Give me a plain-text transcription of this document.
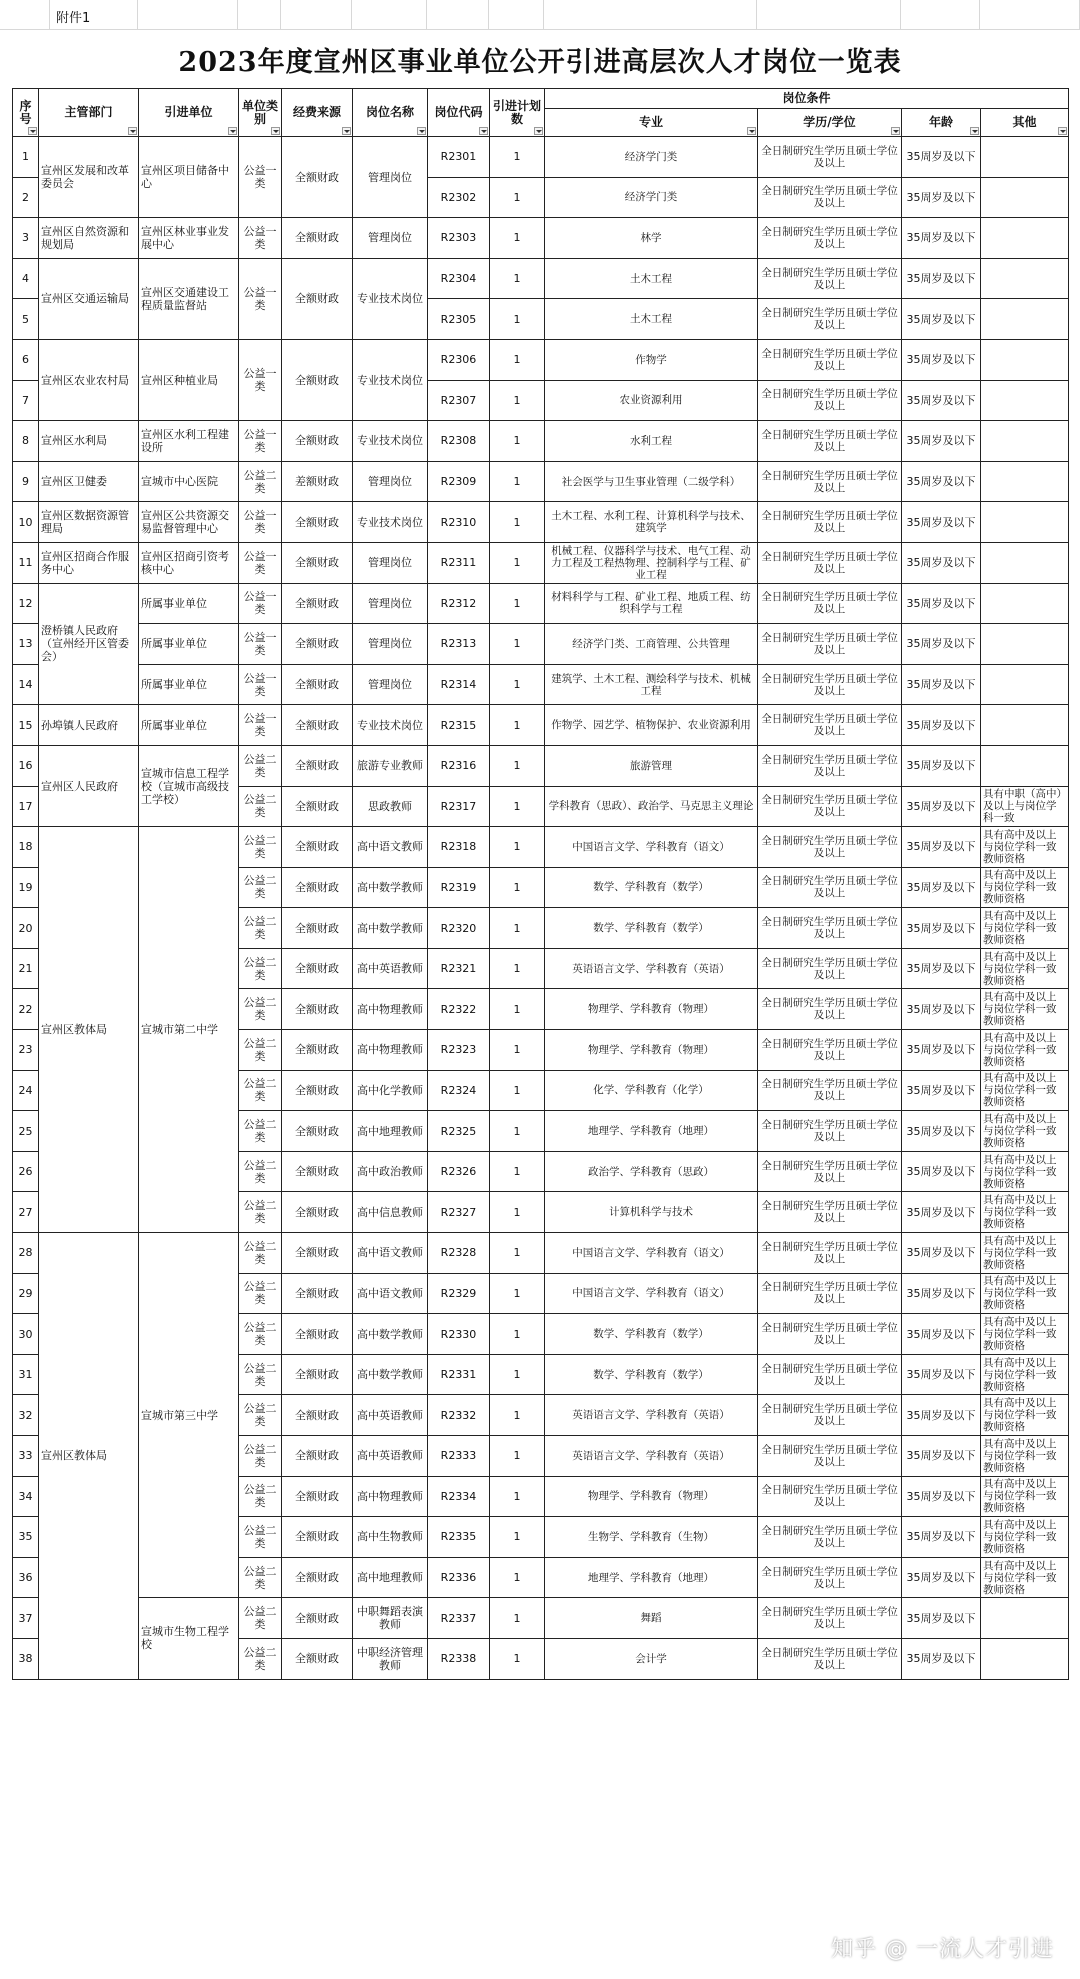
附件1
2023年度宣州区事业单位公开引进高层次人才岗位一览表
序号	主管部门	引进单位	单位类别	经费来源	岗位名称	岗位代码	引进计划数	岗位条件			
								专业	学历/学位	年龄	其他

1	宣州区发展和改革委员会	宣州区项目储备中心	公益一类	全额财政	管理岗位	R2301	1	经济学门类	全日制研究生学历且硕士学位及以上	35周岁及以下	
2						R2302	1	经济学门类	全日制研究生学历且硕士学位及以上	35周岁及以下	
3	宣州区自然资源和规划局	宣州区林业事业发展中心	公益一类	全额财政	管理岗位	R2303	1	林学	全日制研究生学历且硕士学位及以上	35周岁及以下	
4	宣州区交通运输局	宣州区交通建设工程质量监督站	公益一类	全额财政	专业技术岗位	R2304	1	土木工程	全日制研究生学历且硕士学位及以上	35周岁及以下	
5						R2305	1	土木工程	全日制研究生学历且硕士学位及以上	35周岁及以下	
6	宣州区农业农村局	宣州区种植业局	公益一类	全额财政	专业技术岗位	R2306	1	作物学	全日制研究生学历且硕士学位及以上	35周岁及以下	
7						R2307	1	农业资源利用	全日制研究生学历且硕士学位及以上	35周岁及以下	
8	宣州区水利局	宣州区水利工程建设所	公益一类	全额财政	专业技术岗位	R2308	1	水利工程	全日制研究生学历且硕士学位及以上	35周岁及以下	
9	宣州区卫健委	宣城市中心医院	公益二类	差额财政	管理岗位	R2309	1	社会医学与卫生事业管理（二级学科）	全日制研究生学历且硕士学位及以上	35周岁及以下	
10	宣州区数据资源管理局	宣州区公共资源交易监督管理中心	公益一类	全额财政	专业技术岗位	R2310	1	土木工程、水利工程、计算机科学与技术、建筑学	全日制研究生学历且硕士学位及以上	35周岁及以下	
11	宣州区招商合作服务中心	宣州区招商引资考核中心	公益一类	全额财政	管理岗位	R2311	1	机械工程、仪器科学与技术、电气工程、动力工程及工程热物理、控制科学与工程、矿业工程	全日制研究生学历且硕士学位及以上	35周岁及以下	
12	澄桥镇人民政府（宣州经开区管委会）	所属事业单位	公益一类	全额财政	管理岗位	R2312	1	材料科学与工程、矿业工程、地质工程、纺织科学与工程	全日制研究生学历且硕士学位及以上	35周岁及以下	
13		所属事业单位	公益一类	全额财政	管理岗位	R2313	1	经济学门类、工商管理、公共管理	全日制研究生学历且硕士学位及以上	35周岁及以下	
14		所属事业单位	公益一类	全额财政	管理岗位	R2314	1	建筑学、土木工程、测绘科学与技术、机械工程	全日制研究生学历且硕士学位及以上	35周岁及以下	
15	孙埠镇人民政府	所属事业单位	公益一类	全额财政	专业技术岗位	R2315	1	作物学、园艺学、植物保护、农业资源利用	全日制研究生学历且硕士学位及以上	35周岁及以下	
16	宣州区人民政府	宣城市信息工程学校（宣城市高级技工学校）	公益二类	全额财政	旅游专业教师	R2316	1	旅游管理	全日制研究生学历且硕士学位及以上	35周岁及以下	
17			公益二类	全额财政	思政教师	R2317	1	学科教育（思政）、政治学、马克思主义理论	全日制研究生学历且硕士学位及以上	35周岁及以下	具有中职（高中）及以上与岗位学科一致
18	宣州区教体局	宣城市第二中学	公益二类	全额财政	高中语文教师	R2318	1	中国语言文学、学科教育（语文）	全日制研究生学历且硕士学位及以上	35周岁及以下	具有高中及以上与岗位学科一致教师资格
19			公益二类	全额财政	高中数学教师	R2319	1	数学、学科教育（数学）	全日制研究生学历且硕士学位及以上	35周岁及以下	具有高中及以上与岗位学科一致教师资格
20			公益二类	全额财政	高中数学教师	R2320	1	数学、学科教育（数学）	全日制研究生学历且硕士学位及以上	35周岁及以下	具有高中及以上与岗位学科一致教师资格
21			公益二类	全额财政	高中英语教师	R2321	1	英语语言文学、学科教育（英语）	全日制研究生学历且硕士学位及以上	35周岁及以下	具有高中及以上与岗位学科一致教师资格
22			公益二类	全额财政	高中物理教师	R2322	1	物理学、学科教育（物理）	全日制研究生学历且硕士学位及以上	35周岁及以下	具有高中及以上与岗位学科一致教师资格
23			公益二类	全额财政	高中物理教师	R2323	1	物理学、学科教育（物理）	全日制研究生学历且硕士学位及以上	35周岁及以下	具有高中及以上与岗位学科一致教师资格
24			公益二类	全额财政	高中化学教师	R2324	1	化学、学科教育（化学）	全日制研究生学历且硕士学位及以上	35周岁及以下	具有高中及以上与岗位学科一致教师资格
25			公益二类	全额财政	高中地理教师	R2325	1	地理学、学科教育（地理）	全日制研究生学历且硕士学位及以上	35周岁及以下	具有高中及以上与岗位学科一致教师资格
26			公益二类	全额财政	高中政治教师	R2326	1	政治学、学科教育（思政）	全日制研究生学历且硕士学位及以上	35周岁及以下	具有高中及以上与岗位学科一致教师资格
27			公益二类	全额财政	高中信息教师	R2327	1	计算机科学与技术	全日制研究生学历且硕士学位及以上	35周岁及以下	具有高中及以上与岗位学科一致教师资格
28	宣州区教体局	宣城市第三中学	公益二类	全额财政	高中语文教师	R2328	1	中国语言文学、学科教育（语文）	全日制研究生学历且硕士学位及以上	35周岁及以下	具有高中及以上与岗位学科一致教师资格
29			公益二类	全额财政	高中语文教师	R2329	1	中国语言文学、学科教育（语文）	全日制研究生学历且硕士学位及以上	35周岁及以下	具有高中及以上与岗位学科一致教师资格
30			公益二类	全额财政	高中数学教师	R2330	1	数学、学科教育（数学）	全日制研究生学历且硕士学位及以上	35周岁及以下	具有高中及以上与岗位学科一致教师资格
31			公益二类	全额财政	高中数学教师	R2331	1	数学、学科教育（数学）	全日制研究生学历且硕士学位及以上	35周岁及以下	具有高中及以上与岗位学科一致教师资格
32			公益二类	全额财政	高中英语教师	R2332	1	英语语言文学、学科教育（英语）	全日制研究生学历且硕士学位及以上	35周岁及以下	具有高中及以上与岗位学科一致教师资格
33			公益二类	全额财政	高中英语教师	R2333	1	英语语言文学、学科教育（英语）	全日制研究生学历且硕士学位及以上	35周岁及以下	具有高中及以上与岗位学科一致教师资格
34			公益二类	全额财政	高中物理教师	R2334	1	物理学、学科教育（物理）	全日制研究生学历且硕士学位及以上	35周岁及以下	具有高中及以上与岗位学科一致教师资格
35			公益二类	全额财政	高中生物教师	R2335	1	生物学、学科教育（生物）	全日制研究生学历且硕士学位及以上	35周岁及以下	具有高中及以上与岗位学科一致教师资格
36			公益二类	全额财政	高中地理教师	R2336	1	地理学、学科教育（地理）	全日制研究生学历且硕士学位及以上	35周岁及以下	具有高中及以上与岗位学科一致教师资格
37		宣城市生物工程学校	公益二类	全额财政	中职舞蹈表演教师	R2337	1	舞蹈	全日制研究生学历且硕士学位及以上	35周岁及以下	
38			公益二类	全额财政	中职经济管理教师	R2338	1	会计学	全日制研究生学历且硕士学位及以上	35周岁及以下	
知乎 @ 一流人才引进
